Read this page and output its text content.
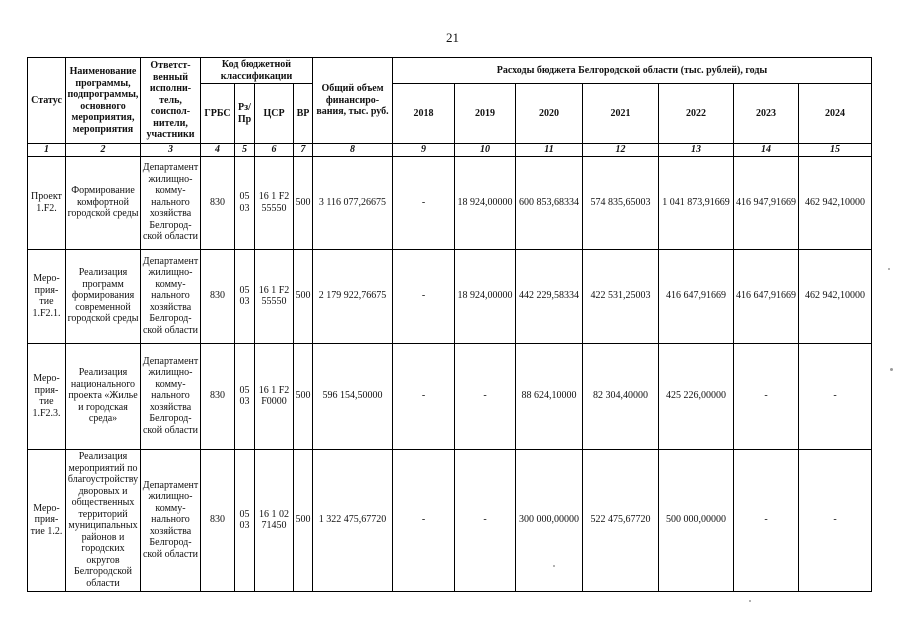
21
Статус	Наименование программы, подпрограммы, основного мероприятия, мероприятия	Ответст- венный исполни- тель, соиспол- нители, участники	Код бюджетной классификации				Общий объем финансиро- вания, тыс. руб.	Расходы бюджета Белгородской области (тыс. рублей), годы						
			ГРБС	Рз/ Пр	ЦСР	ВР		2018	2019	2020	2021	2022	2023	2024
1	2	3	4	5	6	7	8	9	10	11	12	13	14	15
Проект 1.F2.	Формирование комфортной городской среды	Департамент жилищно- комму- нального хозяйства Белгород- ской области	830	05 03	16 1 F2 55550	500	3 116 077,26675	-	18 924,00000	600 853,68334	574 835,65003	1 041 873,91669	416 947,91669	462 942,10000
Меро- прия- тие 1.F2.1.	Реализация программ формирования современной городской среды	Департамент жилищно- комму- нального хозяйства Белгород- ской области	830	05 03	16 1 F2 55550	500	2 179 922,76675	-	18 924,00000	442 229,58334	422 531,25003	416 647,91669	416 647,91669	462 942,10000
Меро- прия- тие 1.F2.3.	Реализация национального проекта «Жилье и городская среда»	Департамент жилищно- комму- нального хозяйства Белгород- ской области	830	05 03	16 1 F2 F0000	500	596 154,50000	-	-	88 624,10000	82 304,40000	425 226,00000	-	-
Меро- прия- тие 1.2.	Реализация мероприятий по благоустройству дворовых и общественных территорий муниципальных районов и городских округов Белгородской области	Департамент жилищно- комму- нального хозяйства Белгород- ской области	830	05 03	16 1 02 71450	500	1 322 475,67720	-	-	300 000,00000	522 475,67720	500 000,00000	-	-
